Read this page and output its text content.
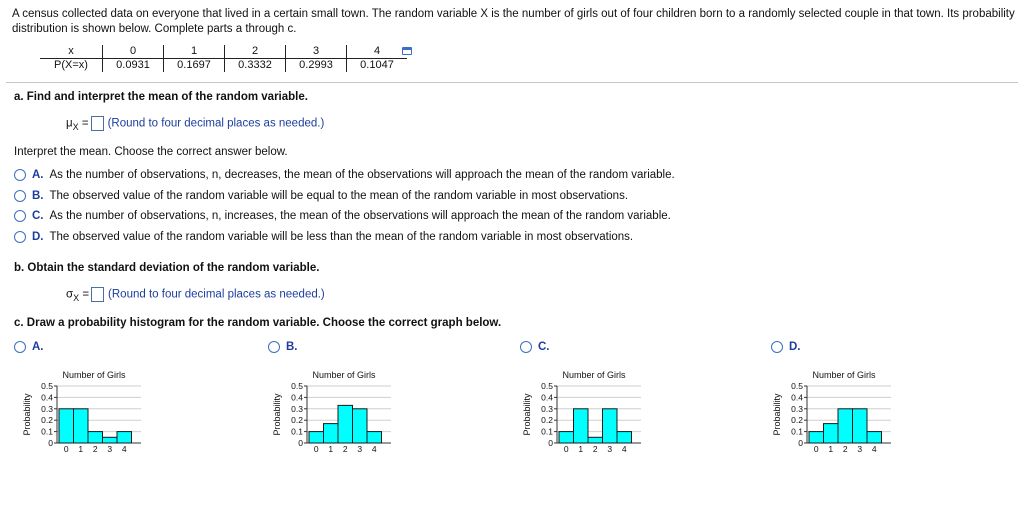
A census collected data on everyone that lived in a certain small town. The random variable X is the number of girls out of four children born to a randomly selected couple in that town. Its probability distribution is shown below. Complete parts a through c.
x	0	1	2	3	4
P(X=x)	0.0931	0.1697	0.3332	0.2993	0.1047
a. Find and interpret the mean of the random variable.
$\mu_X$ = (Round to four decimal places as needed.)
Interpret the mean. Choose the correct answer below.
A. As the number of observations, n, decreases, the mean of the observations will approach the mean of the random variable.
B. The observed value of the random variable will be equal to the mean of the random variable in most observations.
C. As the number of observations, n, increases, the mean of the observations will approach the mean of the random variable.
D. The observed value of the random variable will be less than the mean of the random variable in most observations.
b. Obtain the standard deviation of the random variable.
$\sigma_X$ = (Round to four decimal places as needed.)
c. Draw a probability histogram for the random variable. Choose the correct graph below.
A.	B.	C.	D.
Number of Girls
Probability
0
0.1
0.2
0.3
0.4
0.5
0 1 2 3 4
Number of Girls
Probability
0
0.1
0.2
0.3
0.4
0.5
0 1 2 3 4
Number of Girls
Probability
0
0.1
0.2
0.3
0.4
0.5
0 1 2 3 4
Number of Girls
Probability
0
0.1
0.2
0.3
0.4
0.5
0 1 2 3 4
